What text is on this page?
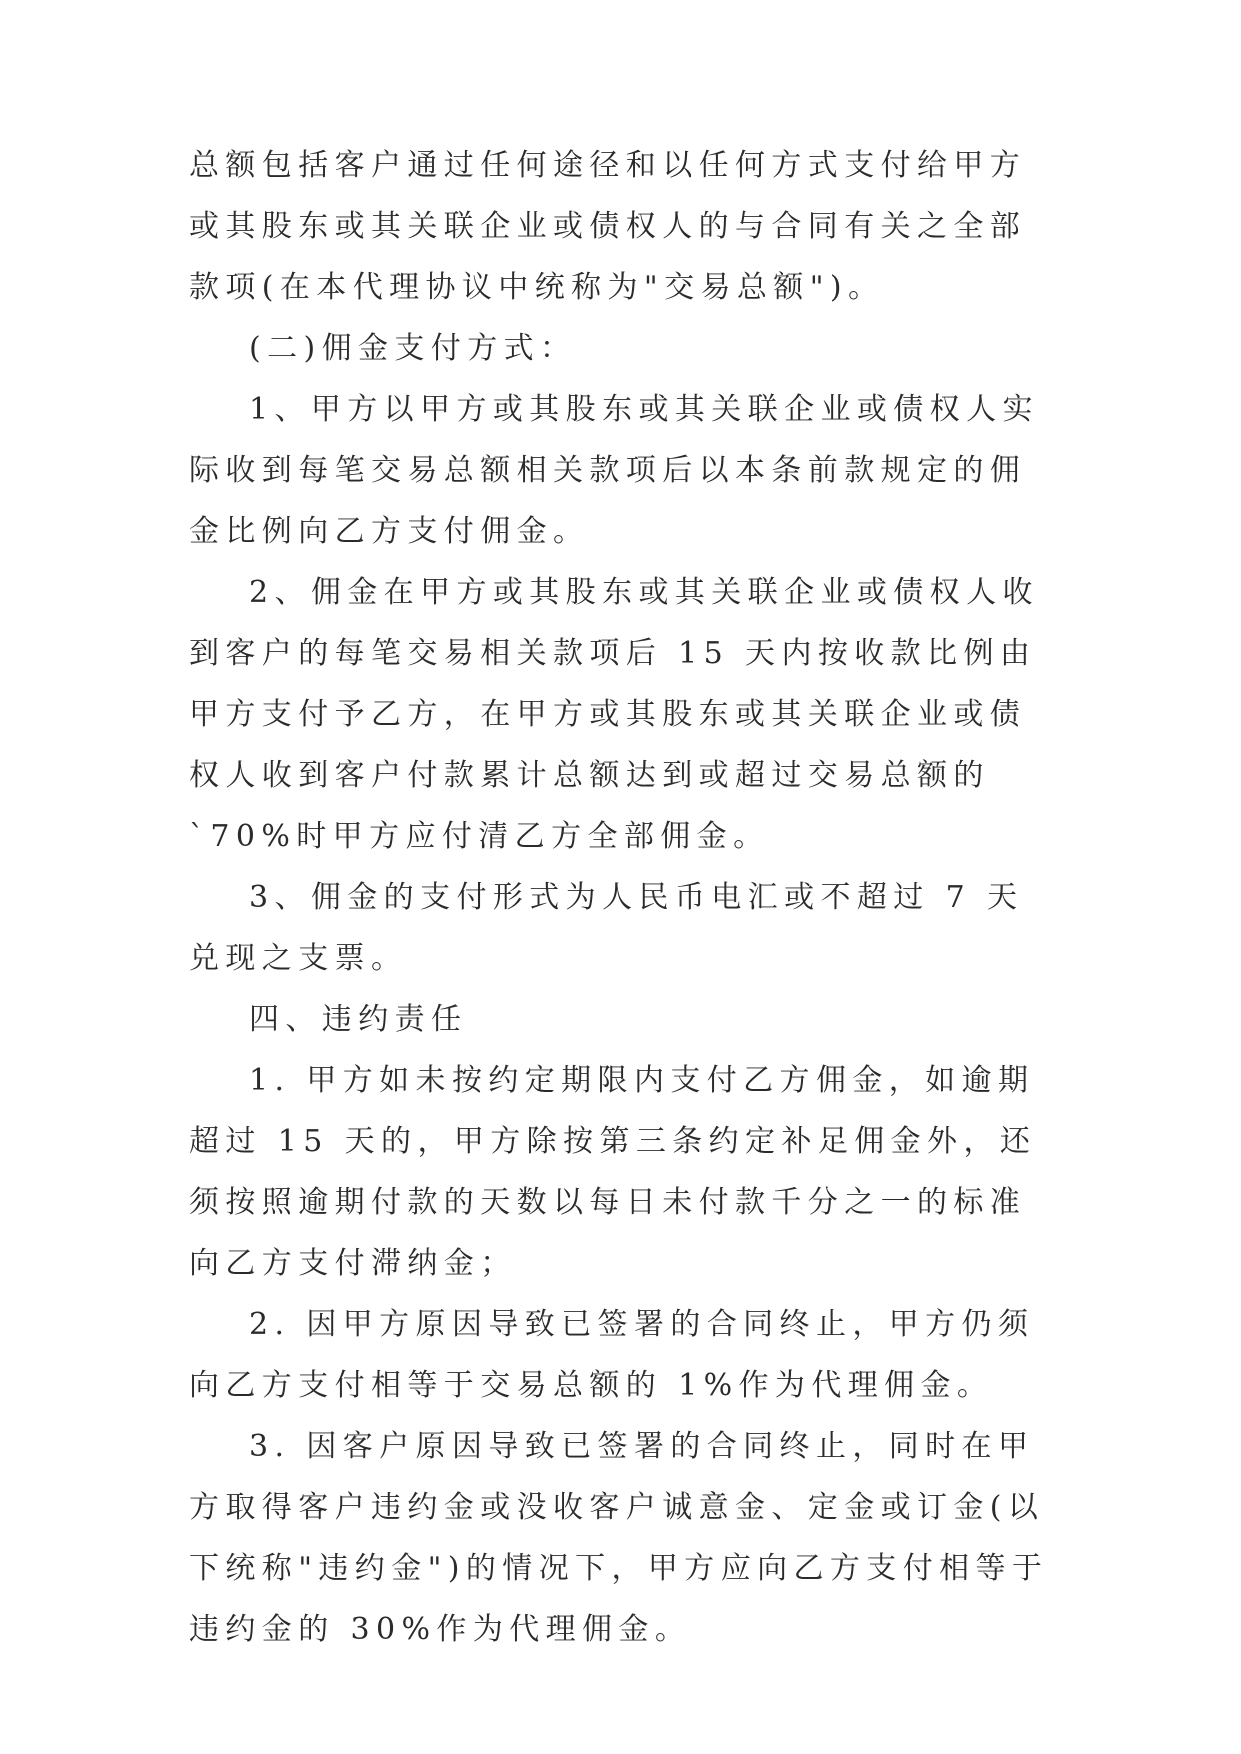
总额包括客户通过任何途径和以任何方式支付给甲方或其股东或其关联企业或债权人的与合同有关之全部款项(在本代理协议中统称为"交易总额")。

(二)佣金支付方式：

1、甲方以甲方或其股东或其关联企业或债权人实际收到每笔交易总额相关款项后以本条前款规定的佣金比例向乙方支付佣金。

2、佣金在甲方或其股东或其关联企业或债权人收到客户的每笔交易相关款项后 15 天内按收款比例由甲方支付予乙方，在甲方或其股东或其关联企业或债权人收到客户付款累计总额达到或超过交易总额的`70%时甲方应付清乙方全部佣金。

3、佣金的支付形式为人民币电汇或不超过 7 天兑现之支票。

四、违约责任

1. 甲方如未按约定期限内支付乙方佣金，如逾期超过 15 天的，甲方除按第三条约定补足佣金外，还须按照逾期付款的天数以每日未付款千分之一的标准向乙方支付滞纳金；

2. 因甲方原因导致已签署的合同终止，甲方仍须向乙方支付相等于交易总额的 1%作为代理佣金。

3. 因客户原因导致已签署的合同终止，同时在甲方取得客户违约金或没收客户诚意金、定金或订金(以下统称"违约金")的情况下，甲方应向乙方支付相等于违约金的 30%作为代理佣金。
